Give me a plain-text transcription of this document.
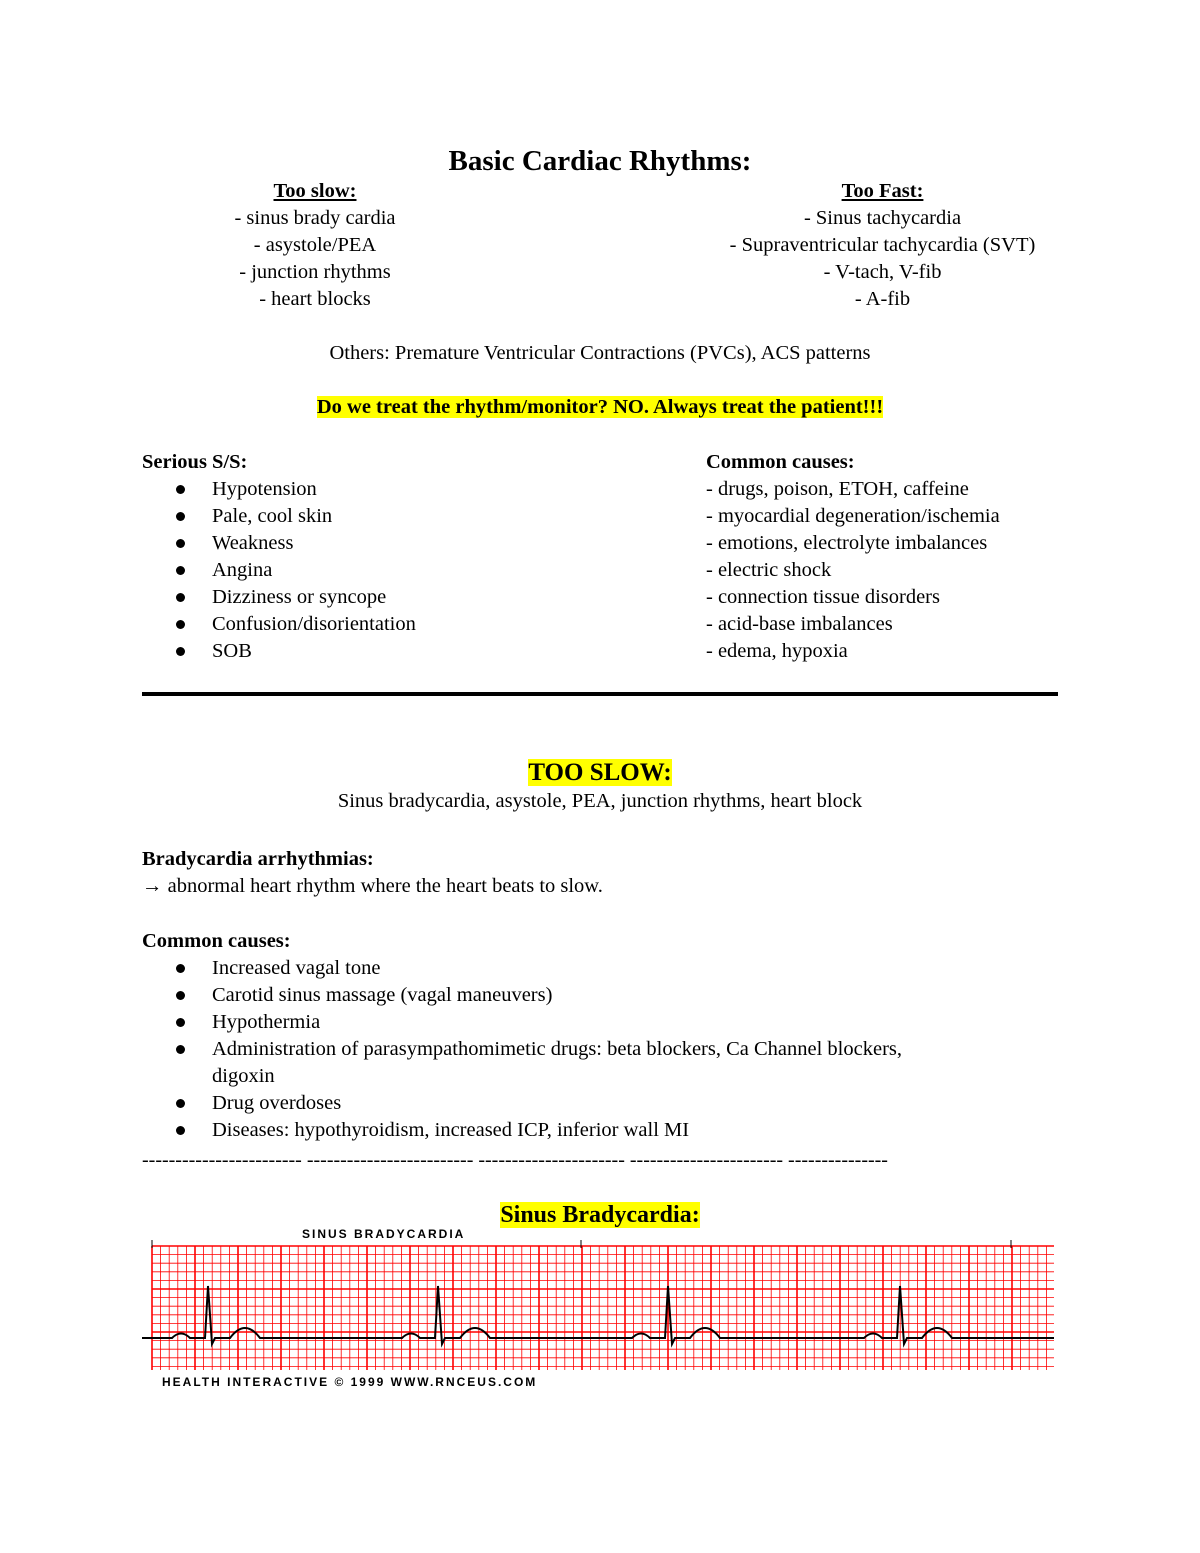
Basic Cardiac Rhythms:
Too slow:
- sinus brady cardia
- asystole/PEA
- junction rhythms
- heart blocks
Too Fast:
- Sinus tachycardia
- Supraventricular tachycardia (SVT)
- V-tach, V-fib
- A-fib
Others: Premature Ventricular Contractions (PVCs), ACS patterns
Do we treat the rhythm/monitor? NO. Always treat the patient!!!
Serious S/S:
Hypotension
Pale, cool skin
Weakness
Angina
Dizziness or syncope
Confusion/disorientation
SOB
Common causes:
- drugs, poison, ETOH, caffeine
- myocardial degeneration/ischemia
- emotions, electrolyte imbalances
- electric shock
- connection tissue disorders
- acid-base imbalances
- edema, hypoxia
TOO SLOW:
Sinus bradycardia, asystole, PEA, junction rhythms, heart block
Bradycardia arrhythmias:
→ abnormal heart rhythm where the heart beats to slow.
Common causes:
Increased vagal tone
Carotid sinus massage (vagal maneuvers)
Hypothermia
Administration of parasympathomimetic drugs: beta blockers, Ca Channel blockers,
digoxin
Drug overdoses
Diseases: hypothyroidism, increased ICP, inferior wall MI
------------------------ ------------------------- ---------------------- ----------------------- ---------------
Sinus Bradycardia:
SINUS BRADYCARDIA
HEALTH INTERACTIVE © 1999 WWW.RNCEUS.COM
